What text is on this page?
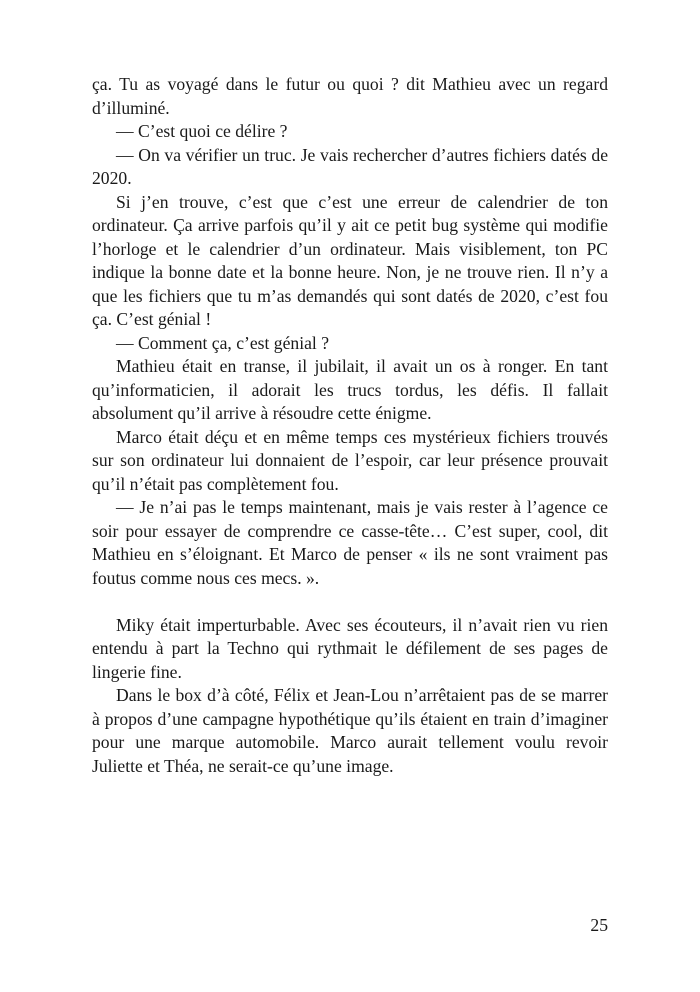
ça. Tu as voyagé dans le futur ou quoi ? dit Mathieu avec un regard d’illuminé.

— C’est quoi ce délire ?

— On va vérifier un truc. Je vais rechercher d’autres fichiers datés de 2020.

Si j’en trouve, c’est que c’est une erreur de calendrier de ton ordinateur. Ça arrive parfois qu’il y ait ce petit bug système qui modifie l’horloge et le calendrier d’un ordinateur. Mais visiblement, ton PC indique la bonne date et la bonne heure. Non, je ne trouve rien. Il n’y a que les fichiers que tu m’as demandés qui sont datés de 2020, c’est fou ça. C’est génial !

— Comment ça, c’est génial ?

Mathieu était en transe, il jubilait, il avait un os à ronger. En tant qu’informaticien, il adorait les trucs tordus, les défis. Il fallait absolument qu’il arrive à résoudre cette énigme.

Marco était déçu et en même temps ces mystérieux fichiers trouvés sur son ordinateur lui donnaient de l’espoir, car leur présence prouvait qu’il n’était pas complètement fou.

— Je n’ai pas le temps maintenant, mais je vais rester à l’agence ce soir pour essayer de comprendre ce casse-tête… C’est super, cool, dit Mathieu en s’éloignant. Et Marco de penser « ils ne sont vraiment pas foutus comme nous ces mecs. ».

Miky était imperturbable. Avec ses écouteurs, il n’avait rien vu rien entendu à part la Techno qui rythmait le défilement de ses pages de lingerie fine.

Dans le box d’à côté, Félix et Jean-Lou n’arrêtaient pas de se marrer à propos d’une campagne hypothétique qu’ils étaient en train d’imaginer pour une marque automobile. Marco aurait tellement voulu revoir Juliette et Théa, ne serait-ce qu’une image.

25
